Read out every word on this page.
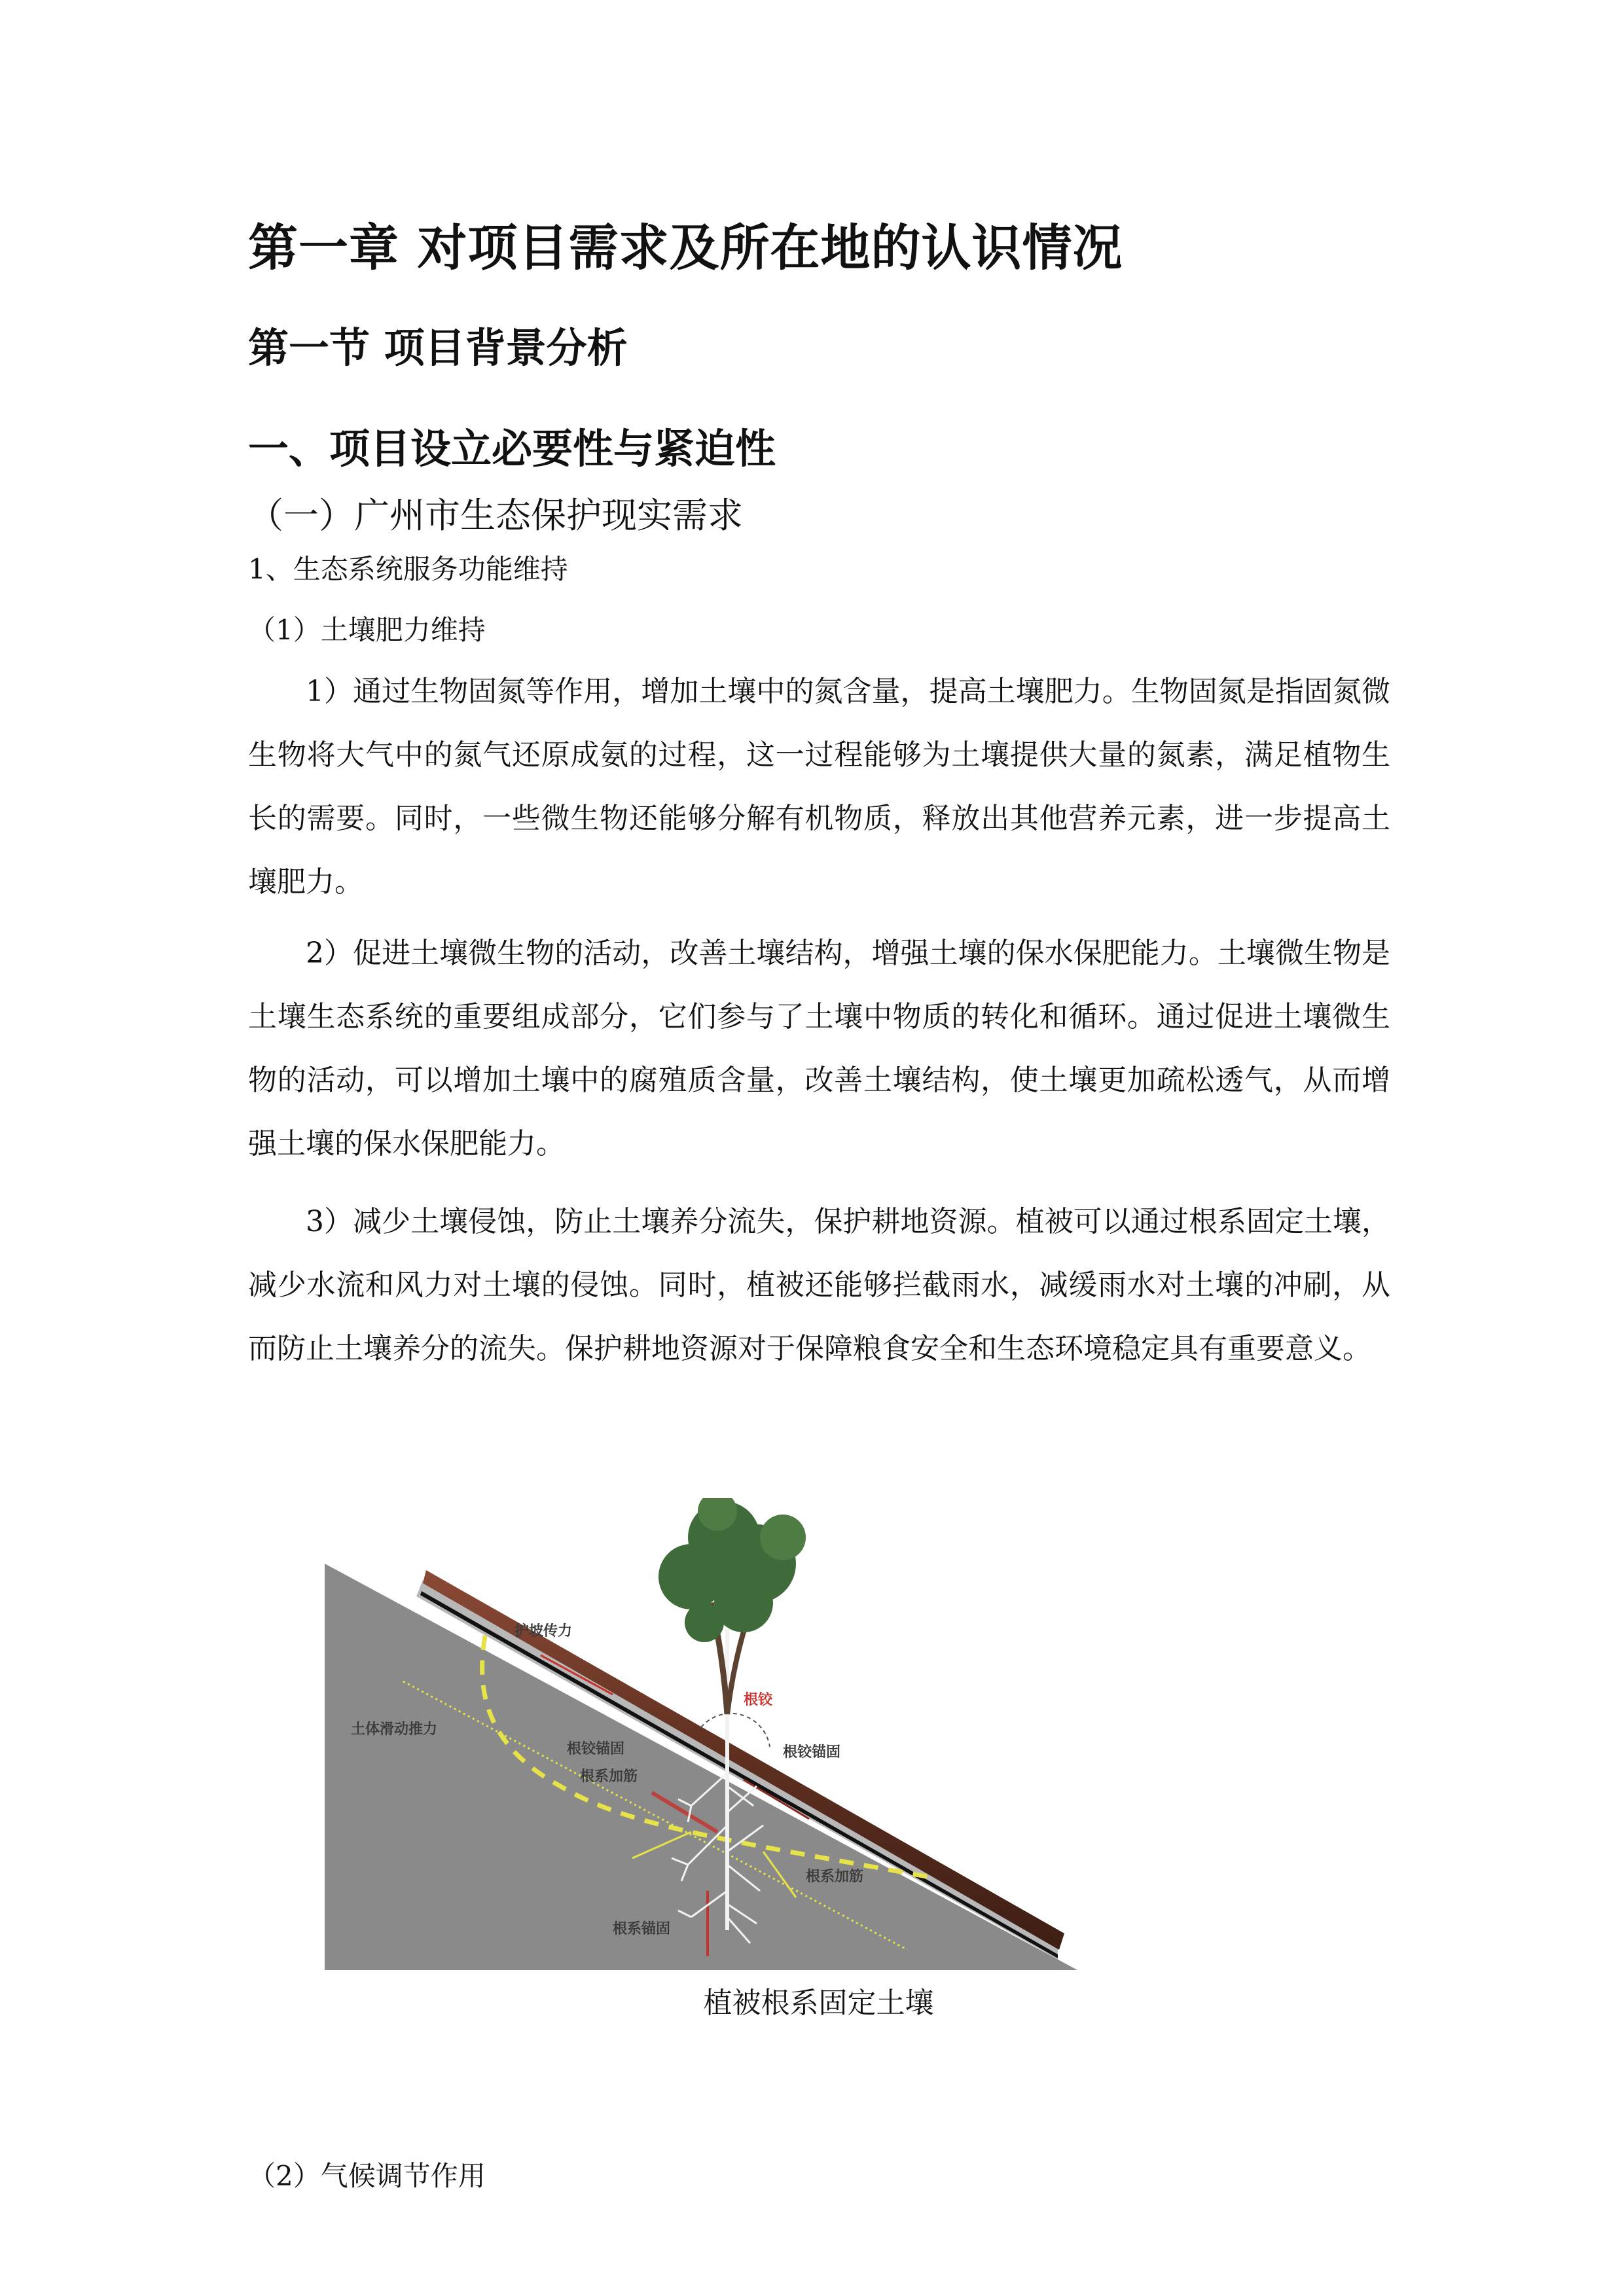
第一章 对项目需求及所在地的认识情况
第一节 项目背景分析
一、项目设立必要性与紧迫性
（一）广州市生态保护现实需求
1、生态系统服务功能维持
（1）土壤肥力维持

1）通过生物固氮等作用，增加土壤中的氮含量，提高土壤肥力。生物固氮是指固氮微生物将大气中的氮气还原成氨的过程，这一过程能够为土壤提供大量的氮素，满足植物生长的需要。同时，一些微生物还能够分解有机物质，释放出其他营养元素，进一步提高土壤肥力。

2）促进土壤微生物的活动，改善土壤结构，增强土壤的保水保肥能力。土壤微生物是土壤生态系统的重要组成部分，它们参与了土壤中物质的转化和循环。通过促进土壤微生物的活动，可以增加土壤中的腐殖质含量，改善土壤结构，使土壤更加疏松透气，从而增强土壤的保水保肥能力。

3）减少土壤侵蚀，防止土壤养分流失，保护耕地资源。植被可以通过根系固定土壤，减少水流和风力对土壤的侵蚀。同时，植被还能够拦截雨水，减缓雨水对土壤的冲刷，从而防止土壤养分的流失。保护耕地资源对于保障粮食安全和生态环境稳定具有重要意义。

护坡传力
根铰
根铰锚固	根铰锚固
根系加筋
土体滑动推力
根系加筋
根系锚固
植被根系固定土壤
（2）气候调节作用
